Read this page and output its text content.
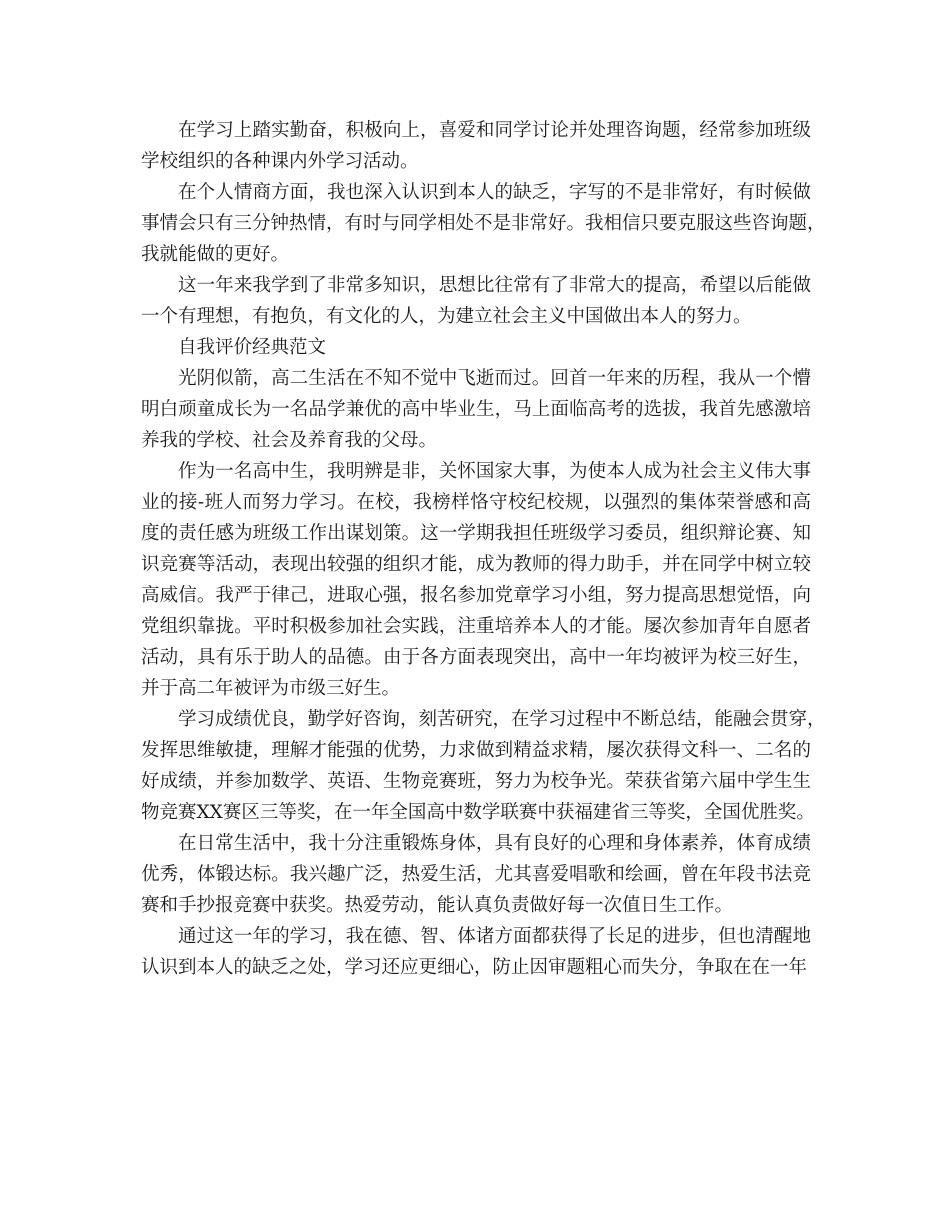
在学习上踏实勤奋，积极向上，喜爱和同学讨论并处理咨询题，经常参加班级
学校组织的各种课内外学习活动。
在个人情商方面，我也深入认识到本人的缺乏，字写的不是非常好，有时候做
事情会只有三分钟热情，有时与同学相处不是非常好。我相信只要克服这些咨询题，
我就能做的更好。
这一年来我学到了非常多知识，思想比往常有了非常大的提高，希望以后能做
一个有理想，有抱负，有文化的人，为建立社会主义中国做出本人的努力。
自我评价经典范文
光阴似箭，高二生活在不知不觉中飞逝而过。回首一年来的历程，我从一个懵
明白顽童成长为一名品学兼优的高中毕业生，马上面临高考的选拔，我首先感激培
养我的学校、社会及养育我的父母。
作为一名高中生，我明辨是非，关怀国家大事，为使本人成为社会主义伟大事
业的接-班人而努力学习。在校，我榜样恪守校纪校规，以强烈的集体荣誉感和高
度的责任感为班级工作出谋划策。这一学期我担任班级学习委员，组织辩论赛、知
识竞赛等活动，表现出较强的组织才能，成为教师的得力助手，并在同学中树立较
高威信。我严于律己，进取心强，报名参加党章学习小组，努力提高思想觉悟，向
党组织靠拢。平时积极参加社会实践，注重培养本人的才能。屡次参加青年自愿者
活动，具有乐于助人的品德。由于各方面表现突出，高中一年均被评为校三好生，
并于高二年被评为市级三好生。
学习成绩优良，勤学好咨询，刻苦研究，在学习过程中不断总结，能融会贯穿，
发挥思维敏捷，理解才能强的优势，力求做到精益求精，屡次获得文科一、二名的
好成绩，并参加数学、英语、生物竞赛班，努力为校争光。荣获省第六届中学生生
物竞赛XX赛区三等奖，在一年全国高中数学联赛中获福建省三等奖，全国优胜奖。
在日常生活中，我十分注重锻炼身体，具有良好的心理和身体素养，体育成绩
优秀，体锻达标。我兴趣广泛，热爱生活，尤其喜爱唱歌和绘画，曾在年段书法竞
赛和手抄报竞赛中获奖。热爱劳动，能认真负责做好每一次值日生工作。
通过这一年的学习，我在德、智、体诸方面都获得了长足的进步，但也清醒地
认识到本人的缺乏之处，学习还应更细心，防止因审题粗心而失分，争取在在一年
